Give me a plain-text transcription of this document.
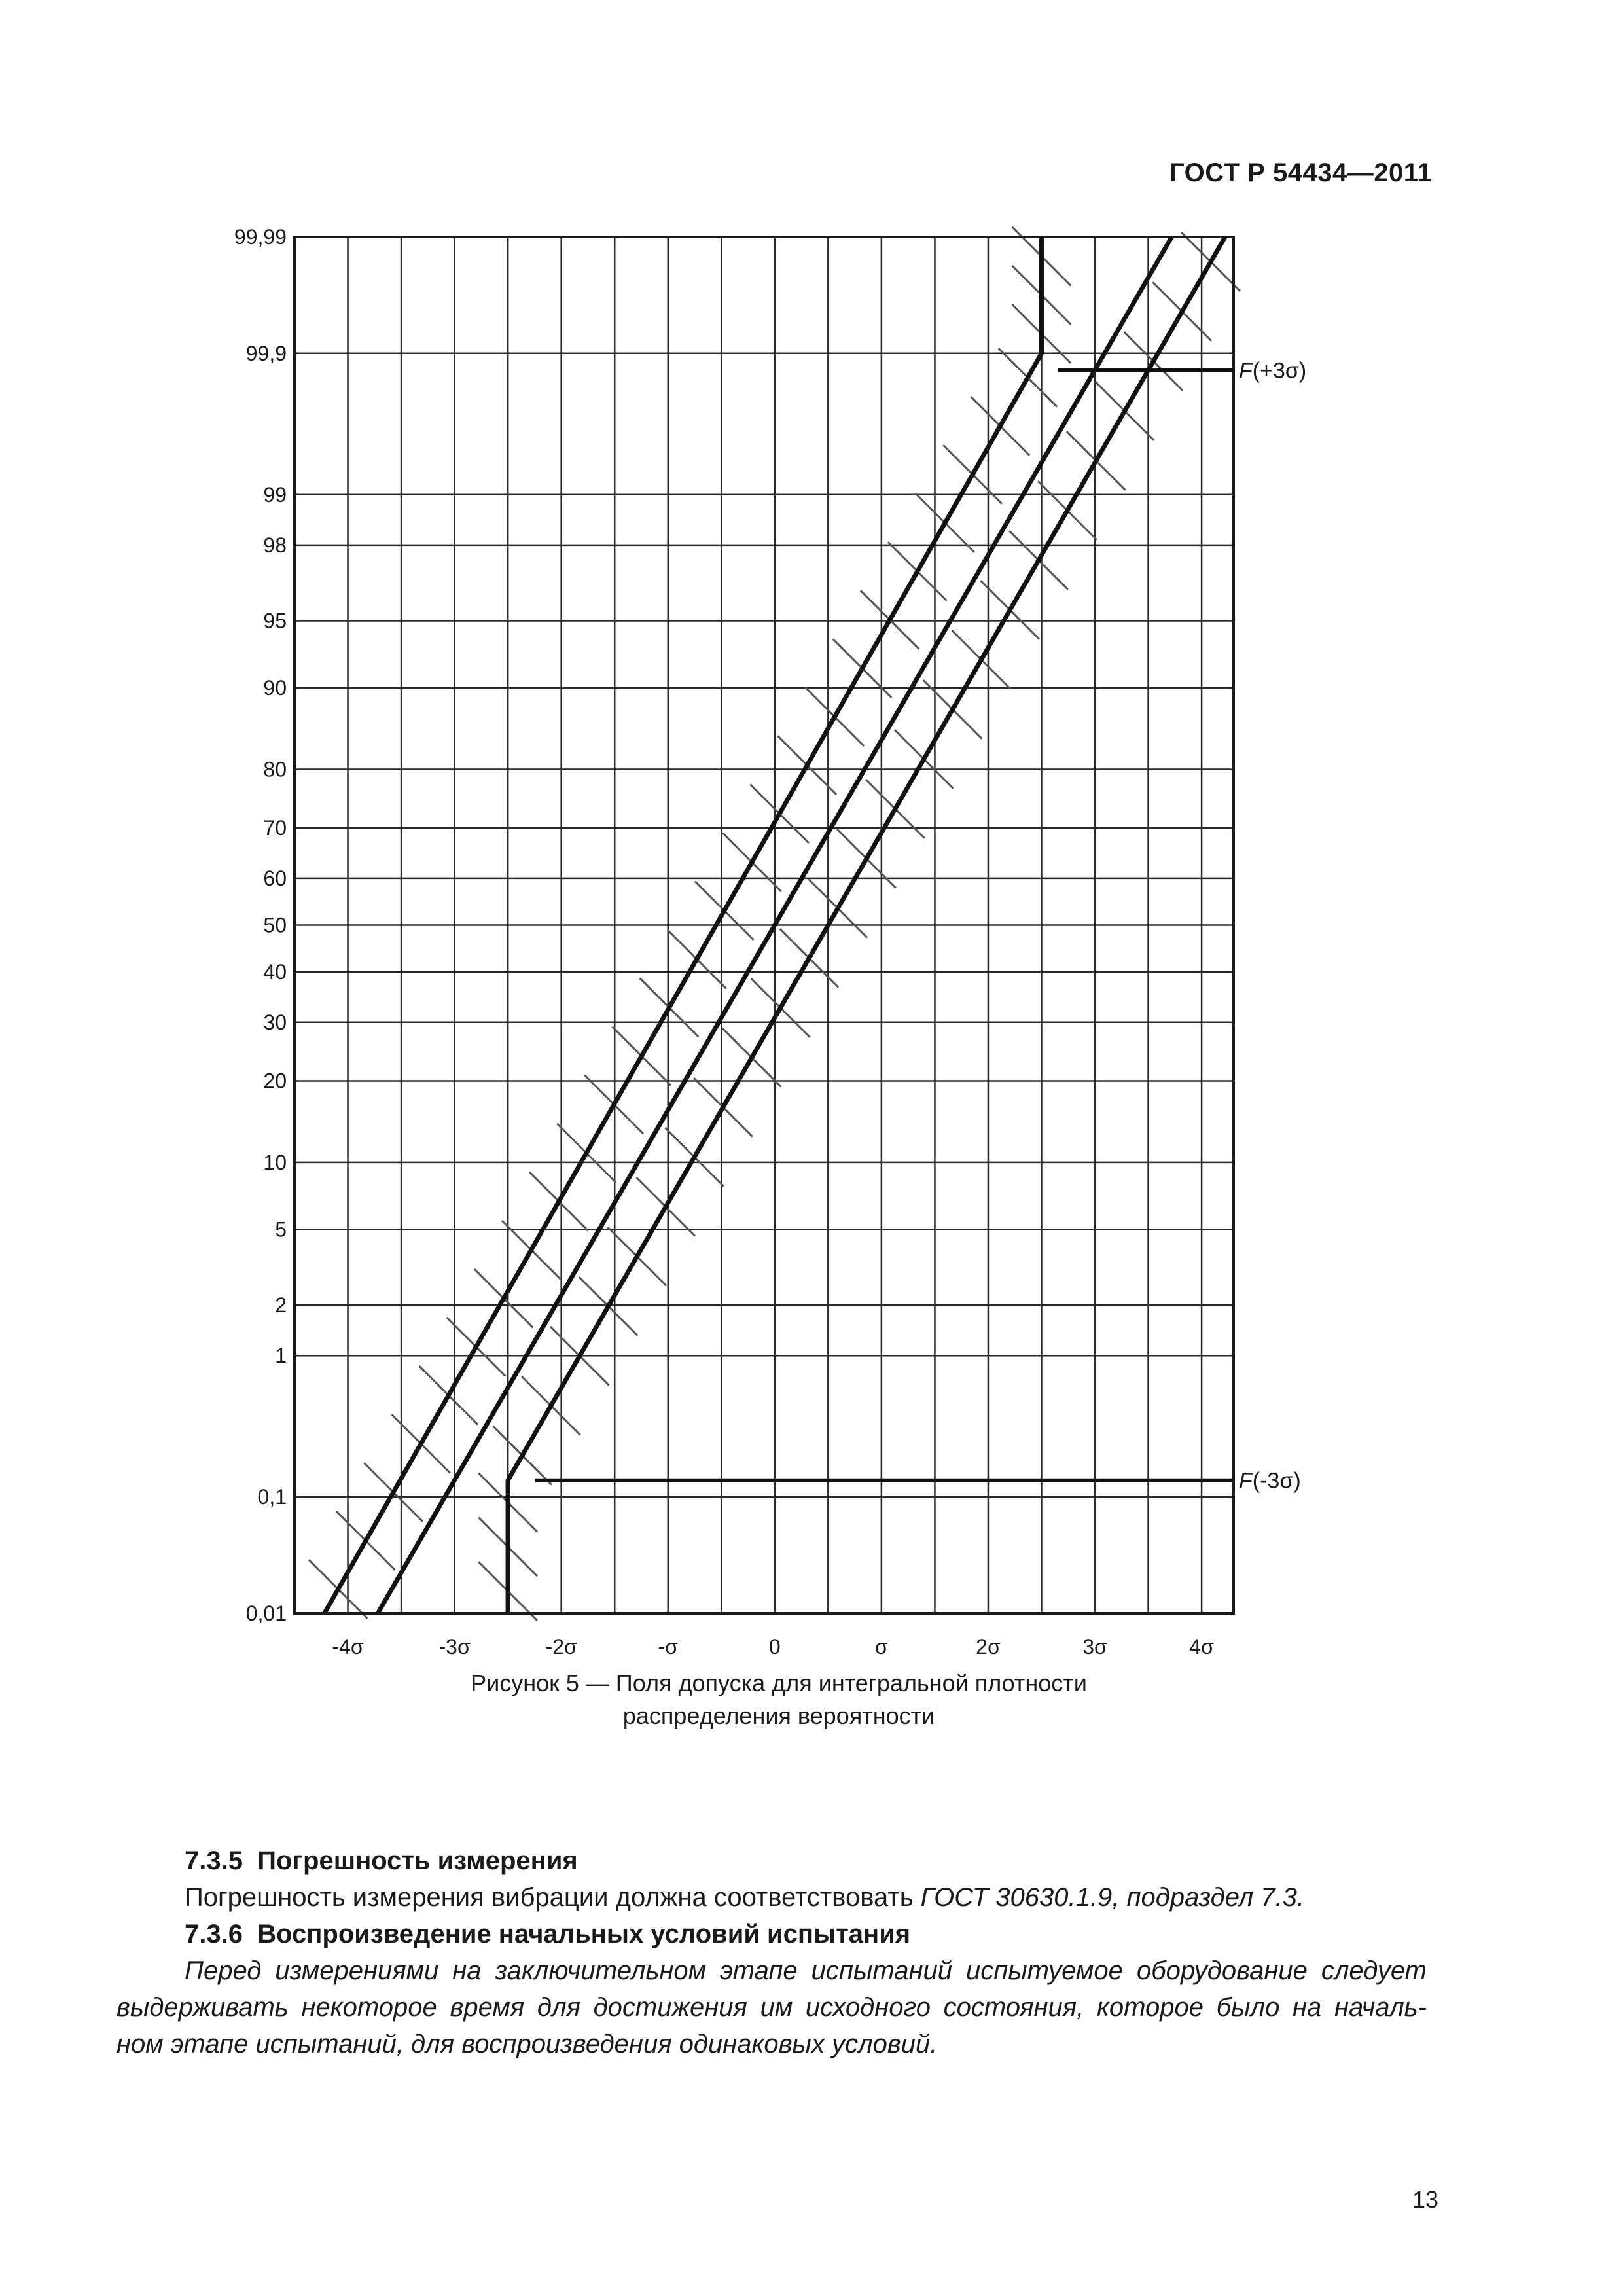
ГОСТ Р 54434—2011
-4σ	-3σ	-2σ	-σ	0	σ	2σ	3σ	4σ
99,99
99,9
99
98
95
90
80
70
60
50
40
30
20
10
5
2
1
0,1
0,01
F(+3σ)
F(-3σ)
Рисунок 5 — Поля допуска для интегральной плотности
распределения вероятности
7.3.5 Погрешность измерения
Погрешность измерения вибрации должна соответствовать ГОСТ 30630.1.9, подраздел 7.3.
7.3.6 Воспроизведение начальных условий испытания
Перед измерениями на заключительном этапе испытаний испытуемое оборудование следует
выдерживать некоторое время для достижения им исходного состояния, которое было на началь-
ном этапе испытаний, для воспроизведения одинаковых условий.
13
